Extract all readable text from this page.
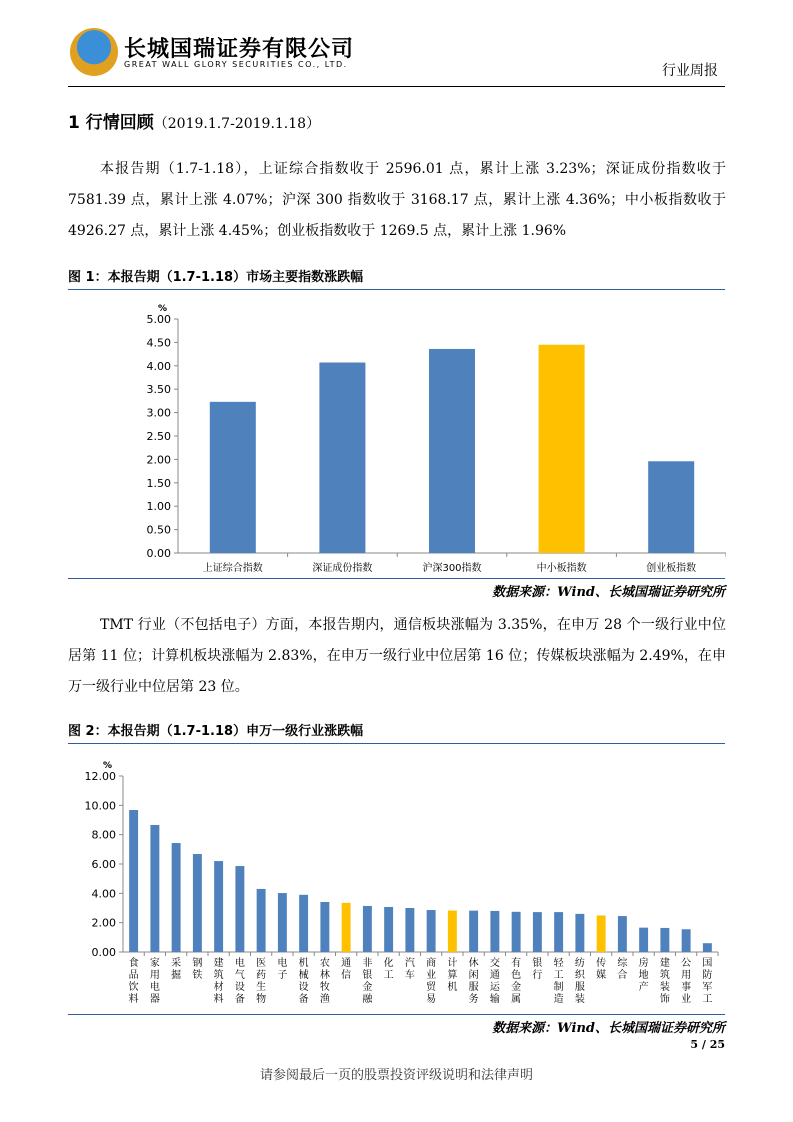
长城国瑞证券有限公司
GREAT WALL GLORY SECURITIES CO., LTD.	行业周报
1 行情回顾（2019.1.7-2019.1.18）
本报告期（1.7-1.18），上证综合指数收于 2596.01 点，累计上涨 3.23%；深证成份指数收于 7581.39 点，累计上涨 4.07%；沪深 300 指数收于 3168.17 点，累计上涨 4.36%；中小板指数收于 4926.27 点，累计上涨 4.45%；创业板指数收于 1269.5 点，累计上涨 1.96%
图 1：本报告期（1.7-1.18）市场主要指数涨跌幅
%
0.00
0.50
1.00
1.50
2.00
2.50
3.00
3.50
4.00
4.50
5.00
上证综合指数	深证成份指数	沪深300指数	中小板指数	创业板指数
数据来源：Wind、长城国瑞证券研究所
TMT 行业（不包括电子）方面，本报告期内，通信板块涨幅为 3.35%，在申万 28 个一级行业中位居第 11 位；计算机板块涨幅为 2.83%，在申万一级行业中位居第 16 位；传媒板块涨幅为 2.49%，在申万一级行业中位居第 23 位。
图 2：本报告期（1.7-1.18）申万一级行业涨跌幅
%
0.00
2.00
4.00
6.00
8.00
10.00
12.00
食品饮料
家用电器
采掘
钢铁
建筑材料
电气设备
医药生物
电子
机械设备
农林牧渔
通信
非银金融
化工
汽车
商业贸易
计算机
休闲服务
交通运输
有色金属
银行
轻工制造
纺织服装
传媒
综合
房地产
建筑装饰
公用事业
国防军工
数据来源：Wind、长城国瑞证券研究所
5 / 25
请参阅最后一页的股票投资评级说明和法律声明
